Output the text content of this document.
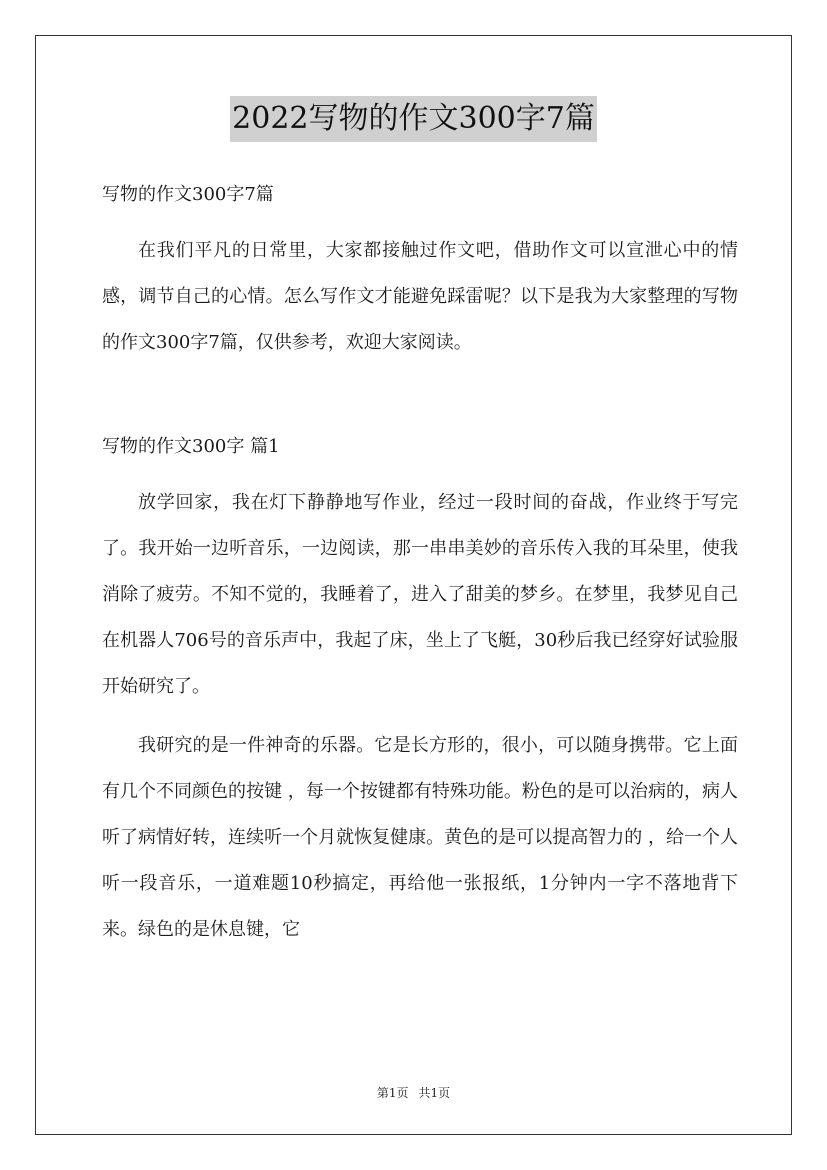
2022写物的作文300字7篇

写物的作文300字7篇

在我们平凡的日常里，大家都接触过作文吧，借助作文可以宣泄心中的情感，调节自己的心情。怎么写作文才能避免踩雷呢？以下是我为大家整理的写物的作文300字7篇，仅供参考，欢迎大家阅读。

写物的作文300字 篇1

放学回家，我在灯下静静地写作业，经过一段时间的奋战，作业终于写完了。我开始一边听音乐，一边阅读，那一串串美妙的音乐传入我的耳朵里，使我消除了疲劳。不知不觉的，我睡着了，进入了甜美的梦乡。在梦里，我梦见自己在机器人706号的音乐声中，我起了床，坐上了飞艇，30秒后我已经穿好试验服开始研究了。

我研究的是一件神奇的乐器。它是长方形的，很小，可以随身携带。它上面有几个不同颜色的按键 ，每一个按键都有特殊功能。粉色的是可以治病的，病人听了病情好转，连续听一个月就恢复健康。黄色的是可以提高智力的 ，给一个人听一段音乐，一道难题10秒搞定，再给他一张报纸，1分钟内一字不落地背下来。绿色的是休息键，它

第1页 共1页
